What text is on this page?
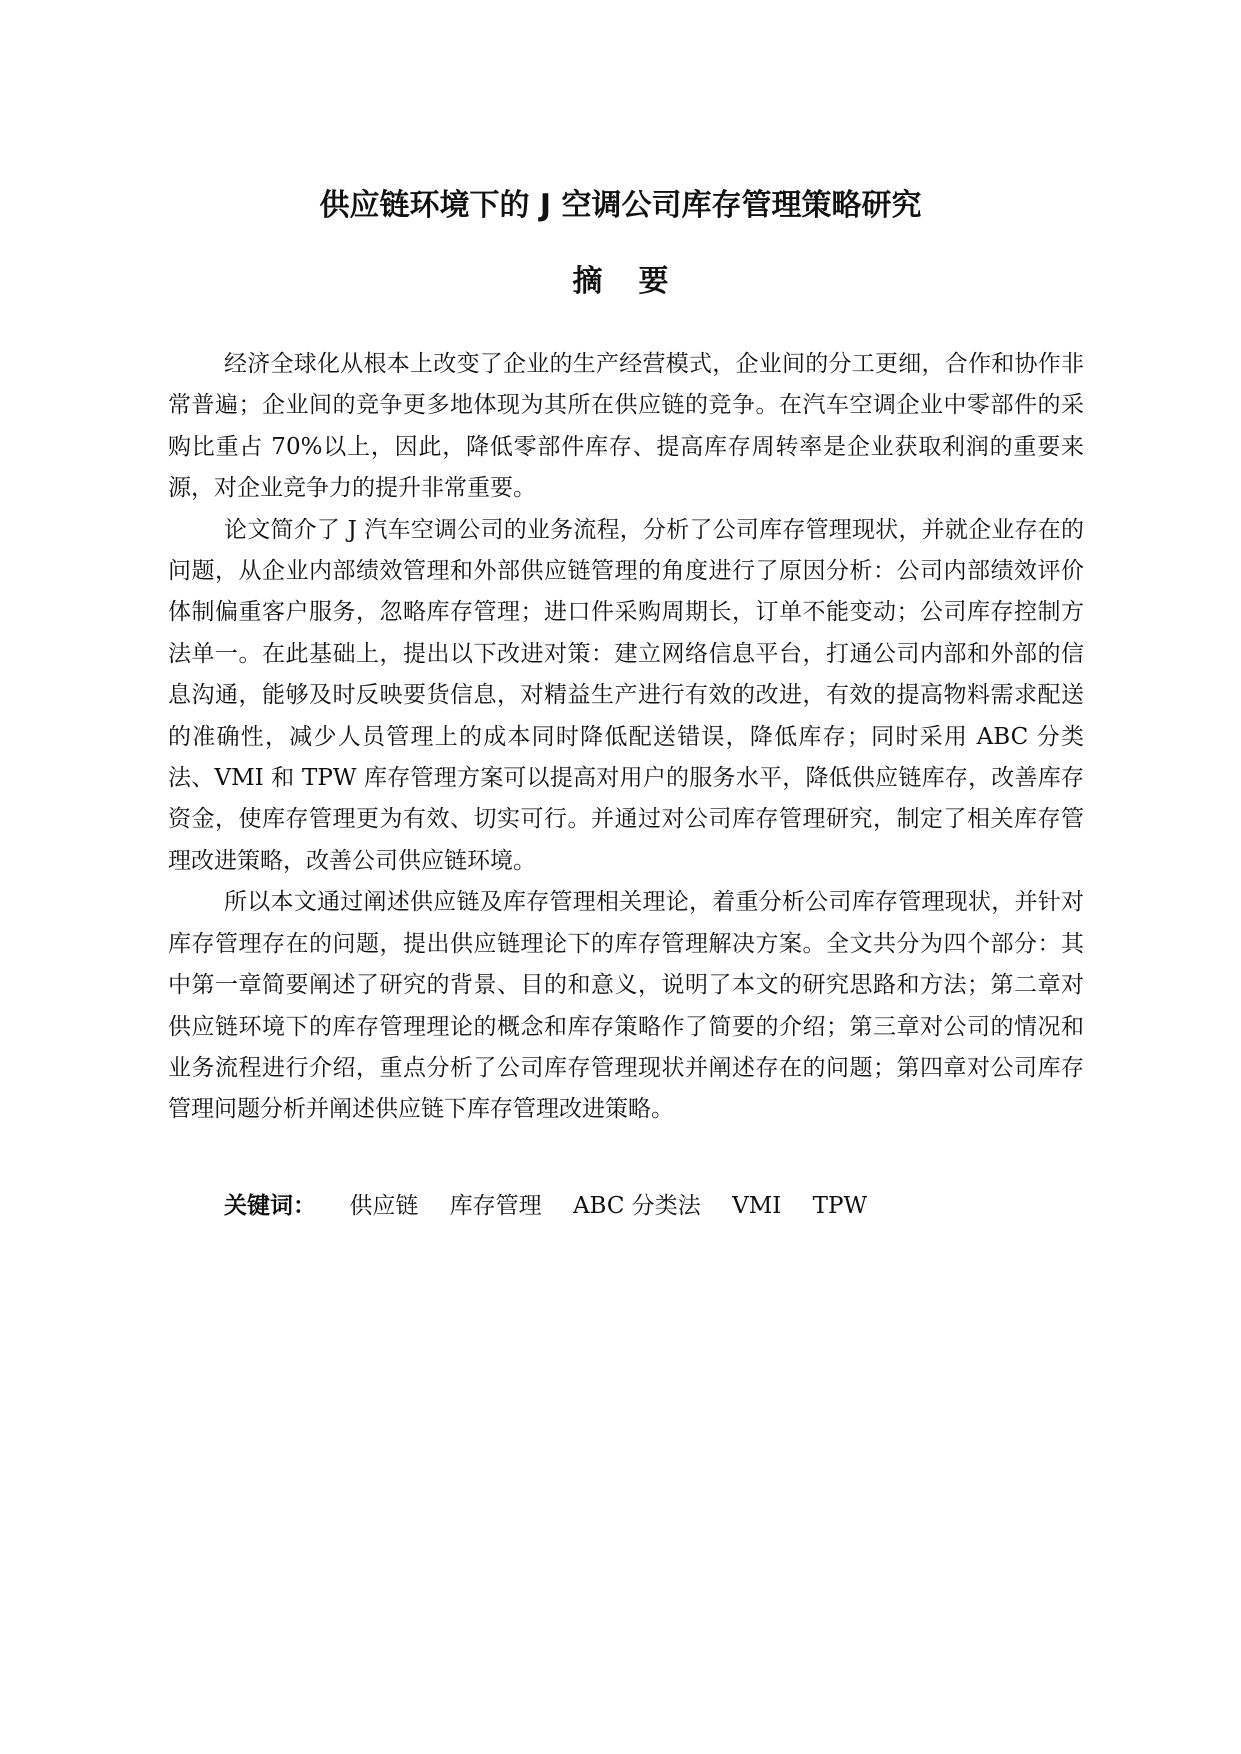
供应链环境下的 J 空调公司库存管理策略研究
摘要

经济全球化从根本上改变了企业的生产经营模式，企业间的分工更细，合作和协作非常普遍；企业间的竞争更多地体现为其所在供应链的竞争。在汽车空调企业中零部件的采购比重占 70%以上，因此，降低零部件库存、提高库存周转率是企业获取利润的重要来源，对企业竞争力的提升非常重要。

论文简介了 J 汽车空调公司的业务流程，分析了公司库存管理现状，并就企业存在的问题，从企业内部绩效管理和外部供应链管理的角度进行了原因分析：公司内部绩效评价体制偏重客户服务，忽略库存管理；进口件采购周期长，订单不能变动；公司库存控制方法单一。在此基础上，提出以下改进对策：建立网络信息平台，打通公司内部和外部的信息沟通，能够及时反映要货信息，对精益生产进行有效的改进，有效的提高物料需求配送的准确性，减少人员管理上的成本同时降低配送错误，降低库存；同时采用 ABC 分类法、VMI 和 TPW 库存管理方案可以提高对用户的服务水平，降低供应链库存，改善库存资金，使库存管理更为有效、切实可行。并通过对公司库存管理研究，制定了相关库存管理改进策略，改善公司供应链环境。

所以本文通过阐述供应链及库存管理相关理论，着重分析公司库存管理现状，并针对库存管理存在的问题，提出供应链理论下的库存管理解决方案。全文共分为四个部分：其中第一章简要阐述了研究的背景、目的和意义，说明了本文的研究思路和方法；第二章对供应链环境下的库存管理理论的概念和库存策略作了简要的介绍；第三章对公司的情况和业务流程进行介绍，重点分析了公司库存管理现状并阐述存在的问题；第四章对公司库存管理问题分析并阐述供应链下库存管理改进策略。

关键词： 供应链 库存管理 ABC 分类法 VMI TPW
